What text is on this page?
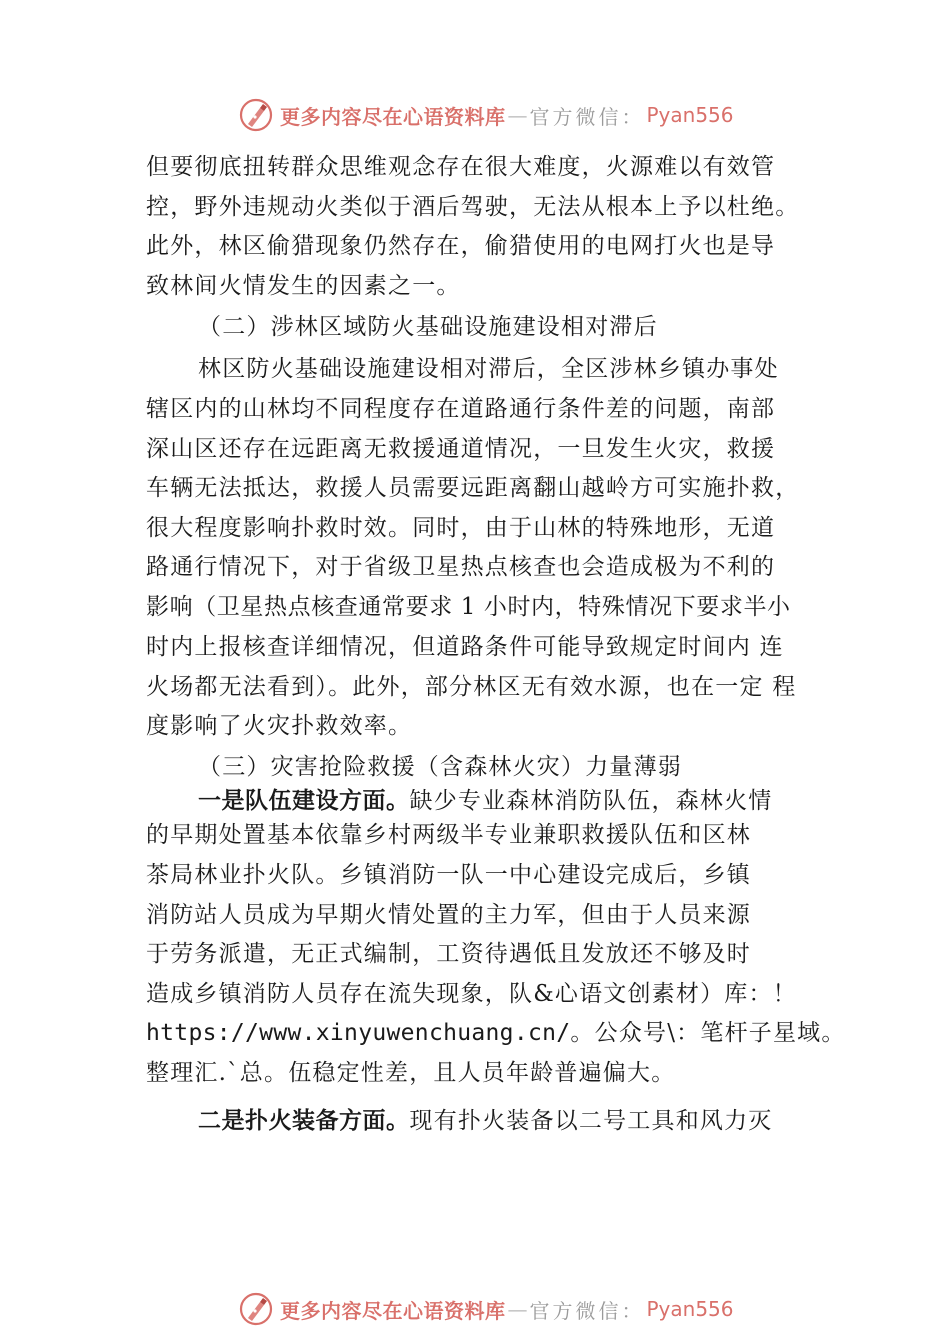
更多内容尽在心语资料库 — 官方微信： Pyan556
但要彻底扭转群众思维观念存在很大难度，火源难以有效管
控，野外违规动火类似于酒后驾驶，无法从根本上予以杜绝。
此外，林区偷猎现象仍然存在，偷猎使用的电网打火也是导
致林间火情发生的因素之一。
（二）涉林区域防火基础设施建设相对滞后
林区防火基础设施建设相对滞后，全区涉林乡镇办事处
辖区内的山林均不同程度存在道路通行条件差的问题，南部
深山区还存在远距离无救援通道情况，一旦发生火灾，救援
车辆无法抵达，救援人员需要远距离翻山越岭方可实施扑救，
很大程度影响扑救时效。同时，由于山林的特殊地形，无道
路通行情况下，对于省级卫星热点核查也会造成极为不利的
影响（卫星热点核查通常要求 1 小时内，特殊情况下要求半小
时内上报核查详细情况，但道路条件可能导致规定时间内 连
火场都无法看到）。此外，部分林区无有效水源，也在一定 程
度影响了火灾扑救效率。
（三）灾害抢险救援（含森林火灾）力量薄弱
一是队伍建设方面。缺少专业森林消防队伍，森林火情
的早期处置基本依靠乡村两级半专业兼职救援队伍和区林
茶局林业扑火队。乡镇消防一队一中心建设完成后，乡镇
消防站人员成为早期火情处置的主力军，但由于人员来源
于劳务派遣，无正式编制，工资待遇低且发放还不够及时
造成乡镇消防人员存在流失现象，队&心语文创素材）库：！
https://www.xinyuwenchuang.cn/。公众号\：笔杆子星域。
整理汇.`总。伍稳定性差，且人员年龄普遍偏大。
二是扑火装备方面。现有扑火装备以二号工具和风力灭
更多内容尽在心语资料库 — 官方微信： Pyan556
